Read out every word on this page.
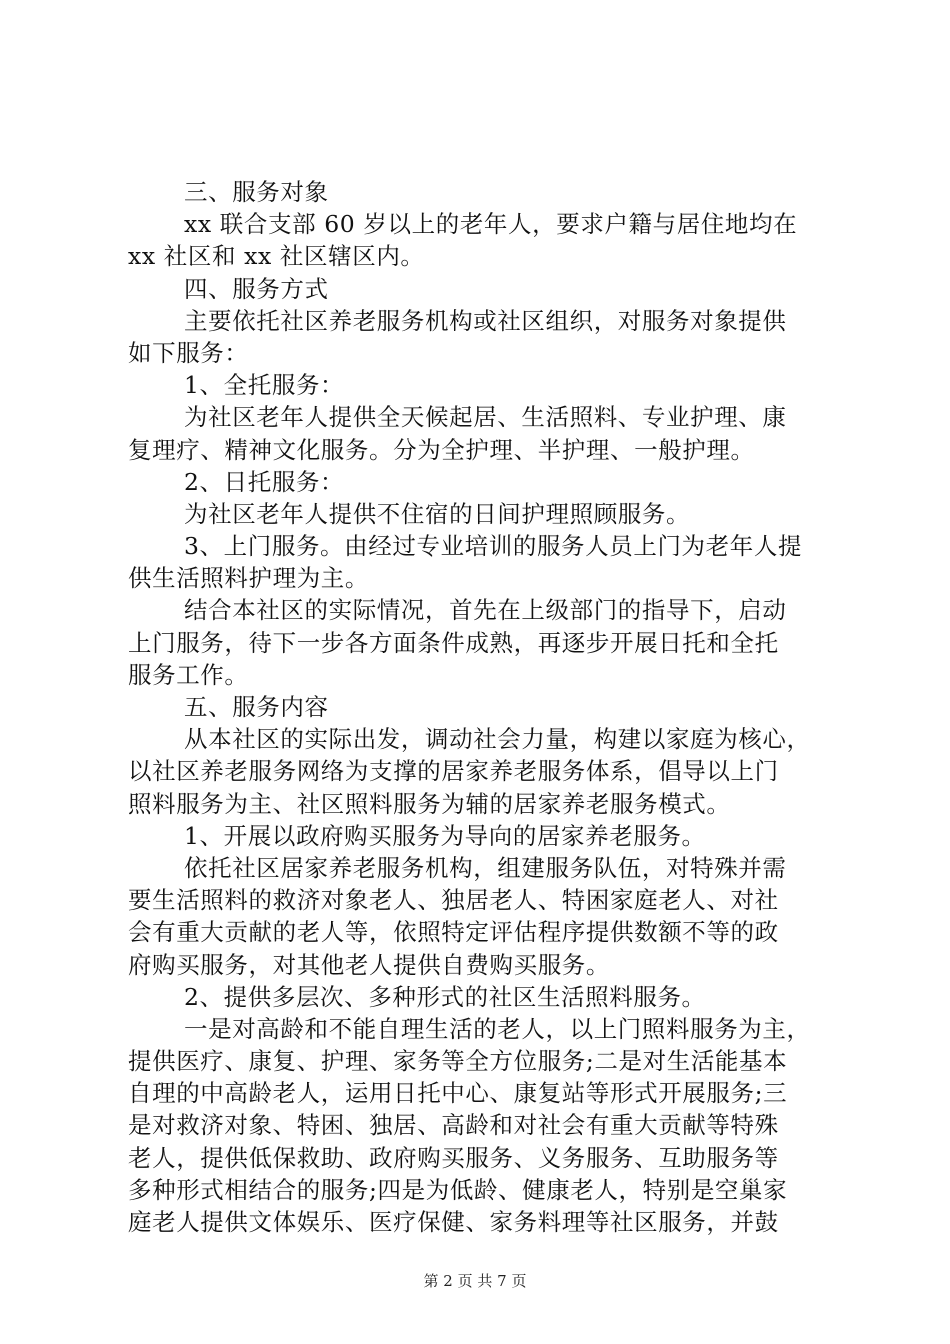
三、服务对象
xx 联合支部 60 岁以上的老年人，要求户籍与居住地均在
xx 社区和 xx 社区辖区内。
四、服务方式
主要依托社区养老服务机构或社区组织，对服务对象提供
如下服务：
1、全托服务：
为社区老年人提供全天候起居、生活照料、专业护理、康
复理疗、精神文化服务。分为全护理、半护理、一般护理。
2、日托服务：
为社区老年人提供不住宿的日间护理照顾服务。
3、上门服务。由经过专业培训的服务人员上门为老年人提
供生活照料护理为主。
结合本社区的实际情况，首先在上级部门的指导下，启动
上门服务，待下一步各方面条件成熟，再逐步开展日托和全托
服务工作。
五、服务内容
从本社区的实际出发，调动社会力量，构建以家庭为核心，
以社区养老服务网络为支撑的居家养老服务体系，倡导以上门
照料服务为主、社区照料服务为辅的居家养老服务模式。
1、开展以政府购买服务为导向的居家养老服务。
依托社区居家养老服务机构，组建服务队伍，对特殊并需
要生活照料的救济对象老人、独居老人、特困家庭老人、对社
会有重大贡献的老人等，依照特定评估程序提供数额不等的政
府购买服务，对其他老人提供自费购买服务。
2、提供多层次、多种形式的社区生活照料服务。
一是对高龄和不能自理生活的老人，以上门照料服务为主，
提供医疗、康复、护理、家务等全方位服务;二是对生活能基本
自理的中高龄老人，运用日托中心、康复站等形式开展服务;三
是对救济对象、特困、独居、高龄和对社会有重大贡献等特殊
老人，提供低保救助、政府购买服务、义务服务、互助服务等
多种形式相结合的服务;四是为低龄、健康老人，特别是空巢家
庭老人提供文体娱乐、医疗保健、家务料理等社区服务，并鼓
第 2 页 共 7 页
